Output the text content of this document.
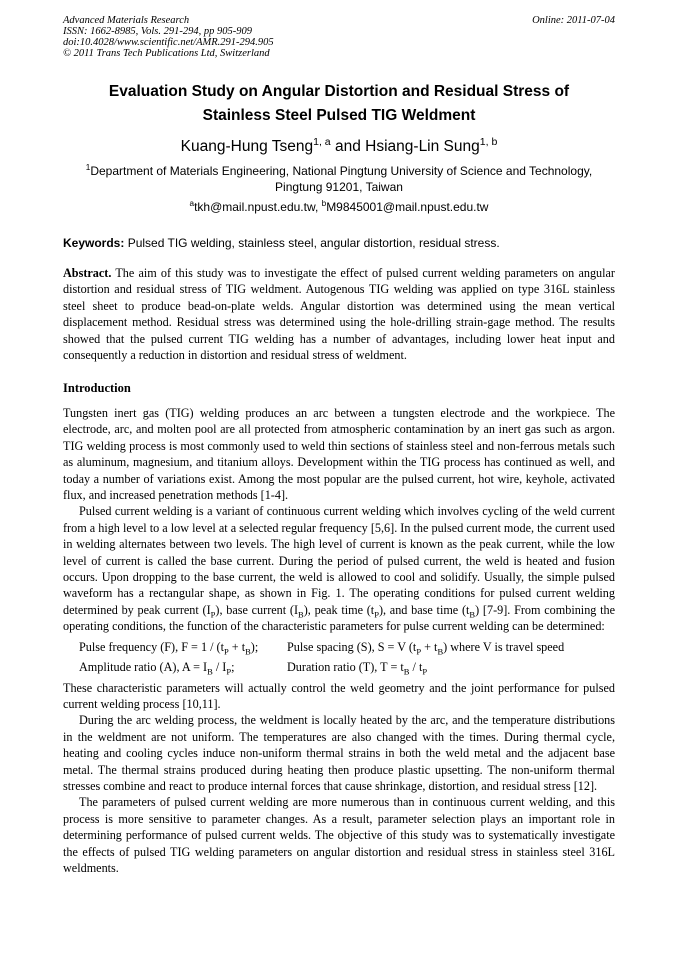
Advanced Materials Research
ISSN: 1662-8985, Vols. 291-294, pp 905-909
doi:10.4028/www.scientific.net/AMR.291-294.905
© 2011 Trans Tech Publications Ltd, Switzerland
Online: 2011-07-04
Evaluation Study on Angular Distortion and Residual Stress of
Stainless Steel Pulsed TIG Weldment
Kuang-Hung Tseng$^{1, a}$ and Hsiang-Lin Sung$^{1, b}$
$^1$Department of Materials Engineering, National Pingtung University of Science and Technology,
Pingtung 91201, Taiwan
$^a$tkh@mail.npust.edu.tw, $^b$M9845001@mail.npust.edu.tw
Keywords: Pulsed TIG welding, stainless steel, angular distortion, residual stress.

Abstract. The aim of this study was to investigate the effect of pulsed current welding parameters on angular distortion and residual stress of TIG weldment. Autogenous TIG welding was applied on type 316L stainless steel sheet to produce bead-on-plate welds. Angular distortion was determined using the mean vertical displacement method. Residual stress was determined using the hole-drilling strain-gage method. The results showed that the pulsed current TIG welding has a number of advantages, including lower heat input and consequently a reduction in distortion and residual stress of weldment.

Introduction

Tungsten inert gas (TIG) welding produces an arc between a tungsten electrode and the workpiece. The electrode, arc, and molten pool are all protected from atmospheric contamination by an inert gas such as argon. TIG welding process is most commonly used to weld thin sections of stainless steel and non-ferrous metals such as aluminum, magnesium, and titanium alloys. Development within the TIG process has continued as well, and today a number of variations exist. Among the most popular are the pulsed current, hot wire, keyhole, activated flux, and increased penetration methods [1-4].

Pulsed current welding is a variant of continuous current welding which involves cycling of the weld current from a high level to a low level at a selected regular frequency [5,6]. In the pulsed current mode, the current used in welding alternates between two levels. The high level of current is known as the peak current, while the low level of current is called the base current. During the period of pulsed current, the weld is heated and fusion occurs. Upon dropping to the base current, the weld is allowed to cool and solidify. Usually, the simple pulsed waveform has a rectangular shape, as shown in Fig. 1. The operating conditions for pulsed current welding determined by peak current $(I_P)$, base current $(I_B)$, peak time $(t_P)$, and base time $(t_B)$ [7-9]. From combining the operating conditions, the function of the characteristic parameters for pulse current welding can be determined:

Pulse frequency (F), $F = 1 / (t_P + t_B)$;	Pulse spacing (S), S = V $(t_P + t_B)$ where V is travel speed
Amplitude ratio (A), $A = I_B / I_P$;	Duration ratio (T), $T = t_B / t_P$

These characteristic parameters will actually control the weld geometry and the joint performance for pulsed current welding process [10,11].

During the arc welding process, the weldment is locally heated by the arc, and the temperature distributions in the weldment are not uniform. The temperatures are also changed with the times. During thermal cycle, heating and cooling cycles induce non-uniform thermal strains in both the weld metal and the adjacent base metal. The thermal strains produced during heating then produce plastic upsetting. The non-uniform thermal stresses combine and react to produce internal forces that cause shrinkage, distortion, and residual stress [12].

The parameters of pulsed current welding are more numerous than in continuous current welding, and this process is more sensitive to parameter changes. As a result, parameter selection plays an important role in determining performance of pulsed current welds. The objective of this study was to systematically investigate the effects of pulsed TIG welding parameters on angular distortion and residual stress in stainless steel 316L weldments.
